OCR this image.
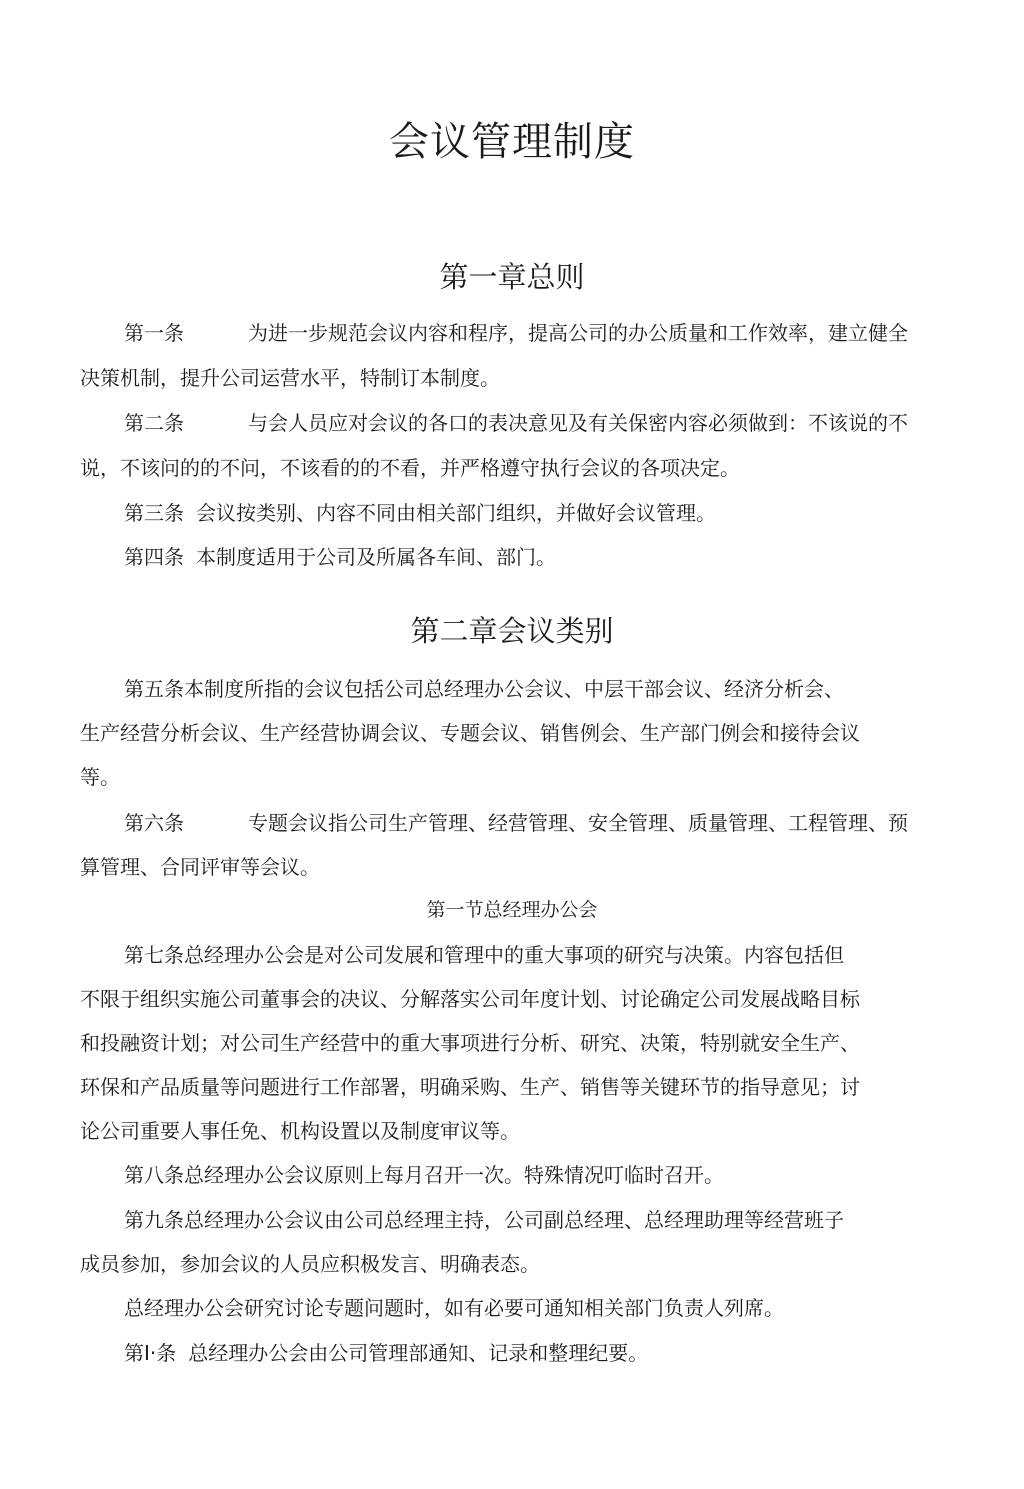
会议管理制度
第一章总则
第一条	为进一步规范会议内容和程序，提高公司的办公质量和工作效率，建立健全
决策机制，提升公司运营水平，特制订本制度。
第二条	与会人员应对会议的各口的表决意见及有关保密内容必须做到：不该说的不
说，不该问的的不问，不该看的的不看，并严格遵守执行会议的各项决定。
第三条 会议按类别、内容不同由相关部门组织，并做好会议管理。
第四条 本制度适用于公司及所属各车间、部门。
第二章会议类别
第五条本制度所指的会议包括公司总经理办公会议、中层干部会议、经济分析会、
生产经营分析会议、生产经营协调会议、专题会议、销售例会、生产部门例会和接待会议
等。
第六条	专题会议指公司生产管理、经营管理、安全管理、质量管理、工程管理、预
算管理、合同评审等会议。
第一节总经理办公会
第七条总经理办公会是对公司发展和管理中的重大事项的研究与决策。内容包括但
不限于组织实施公司董事会的决议、分解落实公司年度计划、讨论确定公司发展战略目标
和投融资计划；对公司生产经营中的重大事项进行分析、研究、决策，特别就安全生产、
环保和产品质量等问题进行工作部署，明确采购、生产、销售等关键环节的指导意见；讨
论公司重要人事任免、机构设置以及制度审议等。
第八条总经理办公会议原则上每月召开一次。特殊情况叮临时召开。
第九条总经理办公会议由公司总经理主持，公司副总经理、总经理助理等经营班子
成员参加，参加会议的人员应积极发言、明确表态。
总经理办公会研究讨论专题问题时，如有必要可通知相关部门负责人列席。
第I·条 总经理办公会由公司管理部通知、记录和整理纪要。
